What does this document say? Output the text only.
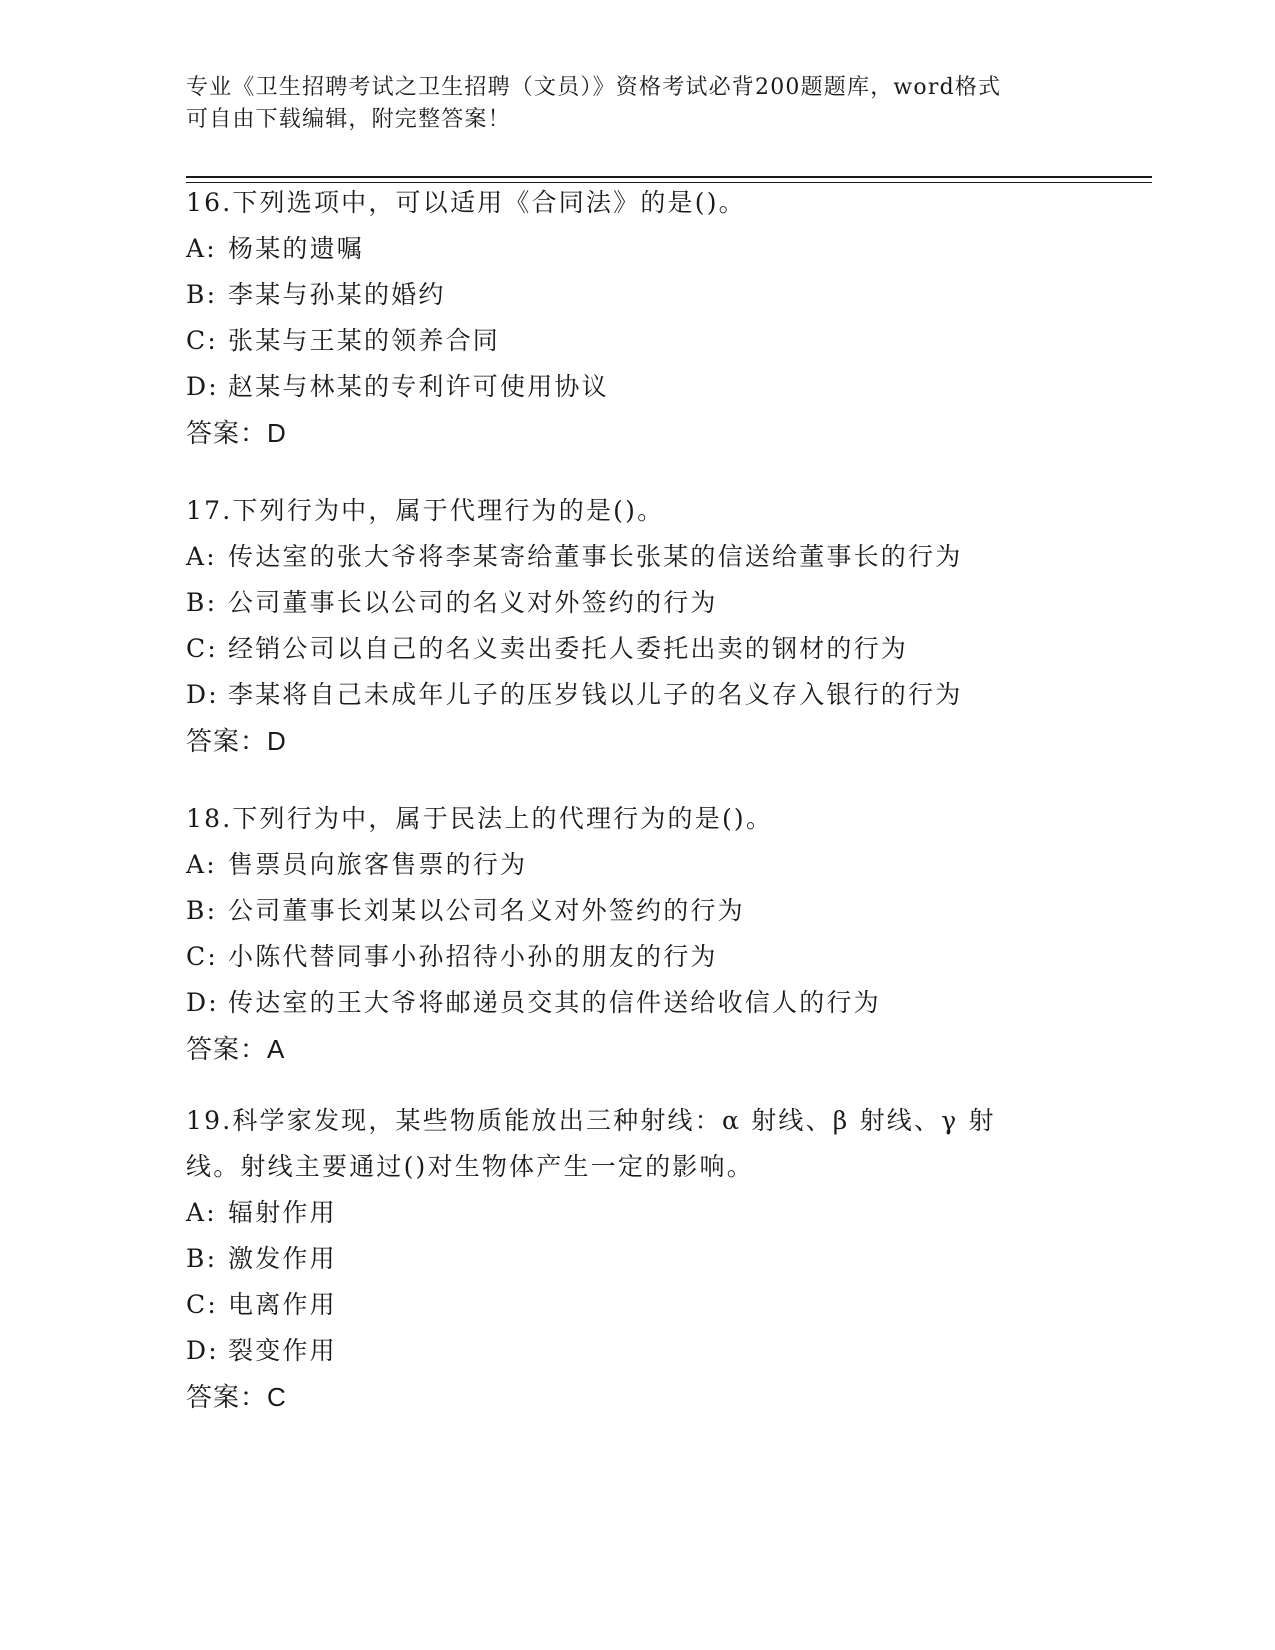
专业《卫生招聘考试之卫生招聘（文员）》资格考试必背200题题库，word格式
可自由下载编辑，附完整答案！
16.下列选项中，可以适用《合同法》的是()。
A: 杨某的遗嘱
B: 李某与孙某的婚约
C: 张某与王某的领养合同
D: 赵某与林某的专利许可使用协议
答案：D
17.下列行为中，属于代理行为的是()。
A: 传达室的张大爷将李某寄给董事长张某的信送给董事长的行为
B: 公司董事长以公司的名义对外签约的行为
C: 经销公司以自己的名义卖出委托人委托出卖的钢材的行为
D: 李某将自己未成年儿子的压岁钱以儿子的名义存入银行的行为
答案：D
18.下列行为中，属于民法上的代理行为的是()。
A: 售票员向旅客售票的行为
B: 公司董事长刘某以公司名义对外签约的行为
C: 小陈代替同事小孙招待小孙的朋友的行为
D: 传达室的王大爷将邮递员交其的信件送给收信人的行为
答案：A
19.科学家发现，某些物质能放出三种射线：α 射线、β 射线、γ 射
线。射线主要通过()对生物体产生一定的影响。
A: 辐射作用
B: 激发作用
C: 电离作用
D: 裂变作用
答案：C
